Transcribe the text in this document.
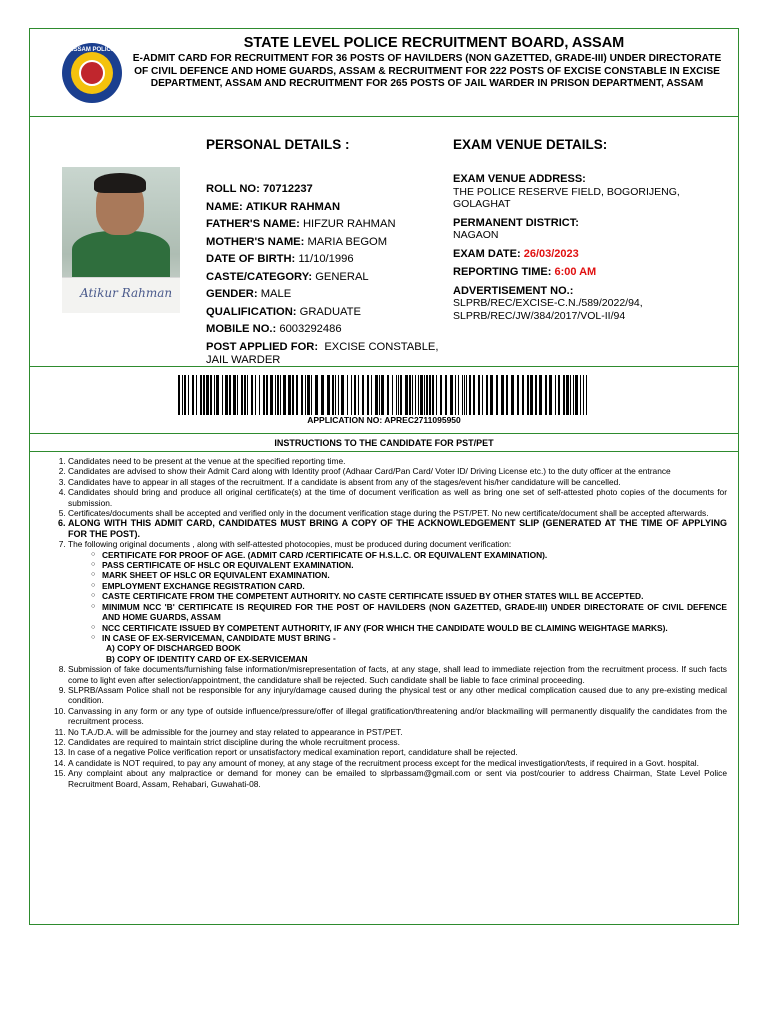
ASSAM POLICE	STATE LEVEL POLICE RECRUITMENT BOARD, ASSAM
E-ADMIT CARD FOR RECRUITMENT FOR 36 POSTS OF HAVILDERS (NON GAZETTED, GRADE-III) UNDER DIRECTORATE OF CIVIL DEFENCE AND HOME GUARDS, ASSAM & RECRUITMENT FOR 222 POSTS OF EXCISE CONSTABLE IN EXCISE DEPARTMENT, ASSAM AND RECRUITMENT FOR 265 POSTS OF JAIL WARDER IN PRISON DEPARTMENT, ASSAM
Atikur Rahman
PERSONAL DETAILS :
ROLL NO: 70712237
NAME: ATIKUR RAHMAN
FATHER'S NAME: HIFZUR RAHMAN
MOTHER'S NAME: MARIA BEGOM
DATE OF BIRTH: 11/10/1996
CASTE/CATEGORY: GENERAL
GENDER: MALE
QUALIFICATION: GRADUATE
MOBILE NO.: 6003292486
POST APPLIED FOR: EXCISE CONSTABLE, JAIL WARDER
EXAM VENUE DETAILS:
EXAM VENUE ADDRESS:
THE POLICE RESERVE FIELD, BOGORIJENG, GOLAGHAT
PERMANENT DISTRICT:
NAGAON
EXAM DATE: 26/03/2023
REPORTING TIME: 6:00 AM
ADVERTISEMENT NO.:
SLPRB/REC/EXCISE-C.N./589/2022/94, SLPRB/REC/JW/384/2017/VOL-II/94
APPLICATION NO: APREC2711095950
INSTRUCTIONS TO THE CANDIDATE FOR PST/PET
1. Candidates need to be present at the venue at the specified reporting time.
2. Candidates are advised to show their Admit Card along with Identity proof (Adhaar Card/Pan Card/ Voter ID/ Driving License etc.) to the duty officer at the entrance
3. Candidates have to appear in all stages of the recruitment. If a candidate is absent from any of the stages/event his/her candidature will be cancelled.
4. Candidates should bring and produce all original certificate(s) at the time of document verification as well as bring one set of self-attested photo copies of the documents for submission.
5. Certificates/documents shall be accepted and verified only in the document verification stage during the PST/PET. No new certificate/document shall be accepted afterwards.
6. ALONG WITH THIS ADMIT CARD, CANDIDATES MUST BRING A COPY OF THE ACKNOWLEDGEMENT SLIP (GENERATED AT THE TIME OF APPLYING FOR THE POST).
7. The following original documents , along with self-attested photocopies, must be produced during document verification:
○ CERTIFICATE FOR PROOF OF AGE. (ADMIT CARD /CERTIFICATE OF H.S.L.C. OR EQUIVALENT EXAMINATION).
○ PASS CERTIFICATE OF HSLC OR EQUIVALENT EXAMINATION.
○ MARK SHEET OF HSLC OR EQUIVALENT EXAMINATION.
○ EMPLOYMENT EXCHANGE REGISTRATION CARD.
○ CASTE CERTIFICATE FROM THE COMPETENT AUTHORITY. NO CASTE CERTIFICATE ISSUED BY OTHER STATES WILL BE ACCEPTED.
○ MINIMUM NCC 'B' CERTIFICATE IS REQUIRED FOR THE POST OF HAVILDERS (NON GAZETTED, GRADE-III) UNDER DIRECTORATE OF CIVIL DEFENCE AND HOME GUARDS, ASSAM
○ NCC CERTIFICATE ISSUED BY COMPETENT AUTHORITY, IF ANY (FOR WHICH THE CANDIDATE WOULD BE CLAIMING WEIGHTAGE MARKS).
○ IN CASE OF EX-SERVICEMAN, CANDIDATE MUST BRING -
A) COPY OF DISCHARGED BOOK
B) COPY OF IDENTITY CARD OF EX-SERVICEMAN
8. Submission of fake documents/furnishing false information/misrepresentation of facts, at any stage, shall lead to immediate rejection from the recruitment process. If such facts come to light even after selection/appointment, the candidature shall be rejected. Such candidate shall be liable to face criminal proceeding.
9. SLPRB/Assam Police shall not be responsible for any injury/damage caused during the physical test or any other medical complication caused due to any pre-existing medical condition.
10. Canvassing in any form or any type of outside influence/pressure/offer of illegal gratification/threatening and/or blackmailing will permanently disqualify the candidates from the recruitment process.
11. No T.A./D.A. will be admissible for the journey and stay related to appearance in PST/PET.
12. Candidates are required to maintain strict discipline during the whole recruitment process.
13. In case of a negative Police verification report or unsatisfactory medical examination report, candidature shall be rejected.
14. A candidate is NOT required, to pay any amount of money, at any stage of the recruitment process except for the medical investigation/tests, if required in a Govt. hospital.
15. Any complaint about any malpractice or demand for money can be emailed to slprbassam@gmail.com or sent via post/courier to address Chairman, State Level Police Recruitment Board, Assam, Rehabari, Guwahati-08.
